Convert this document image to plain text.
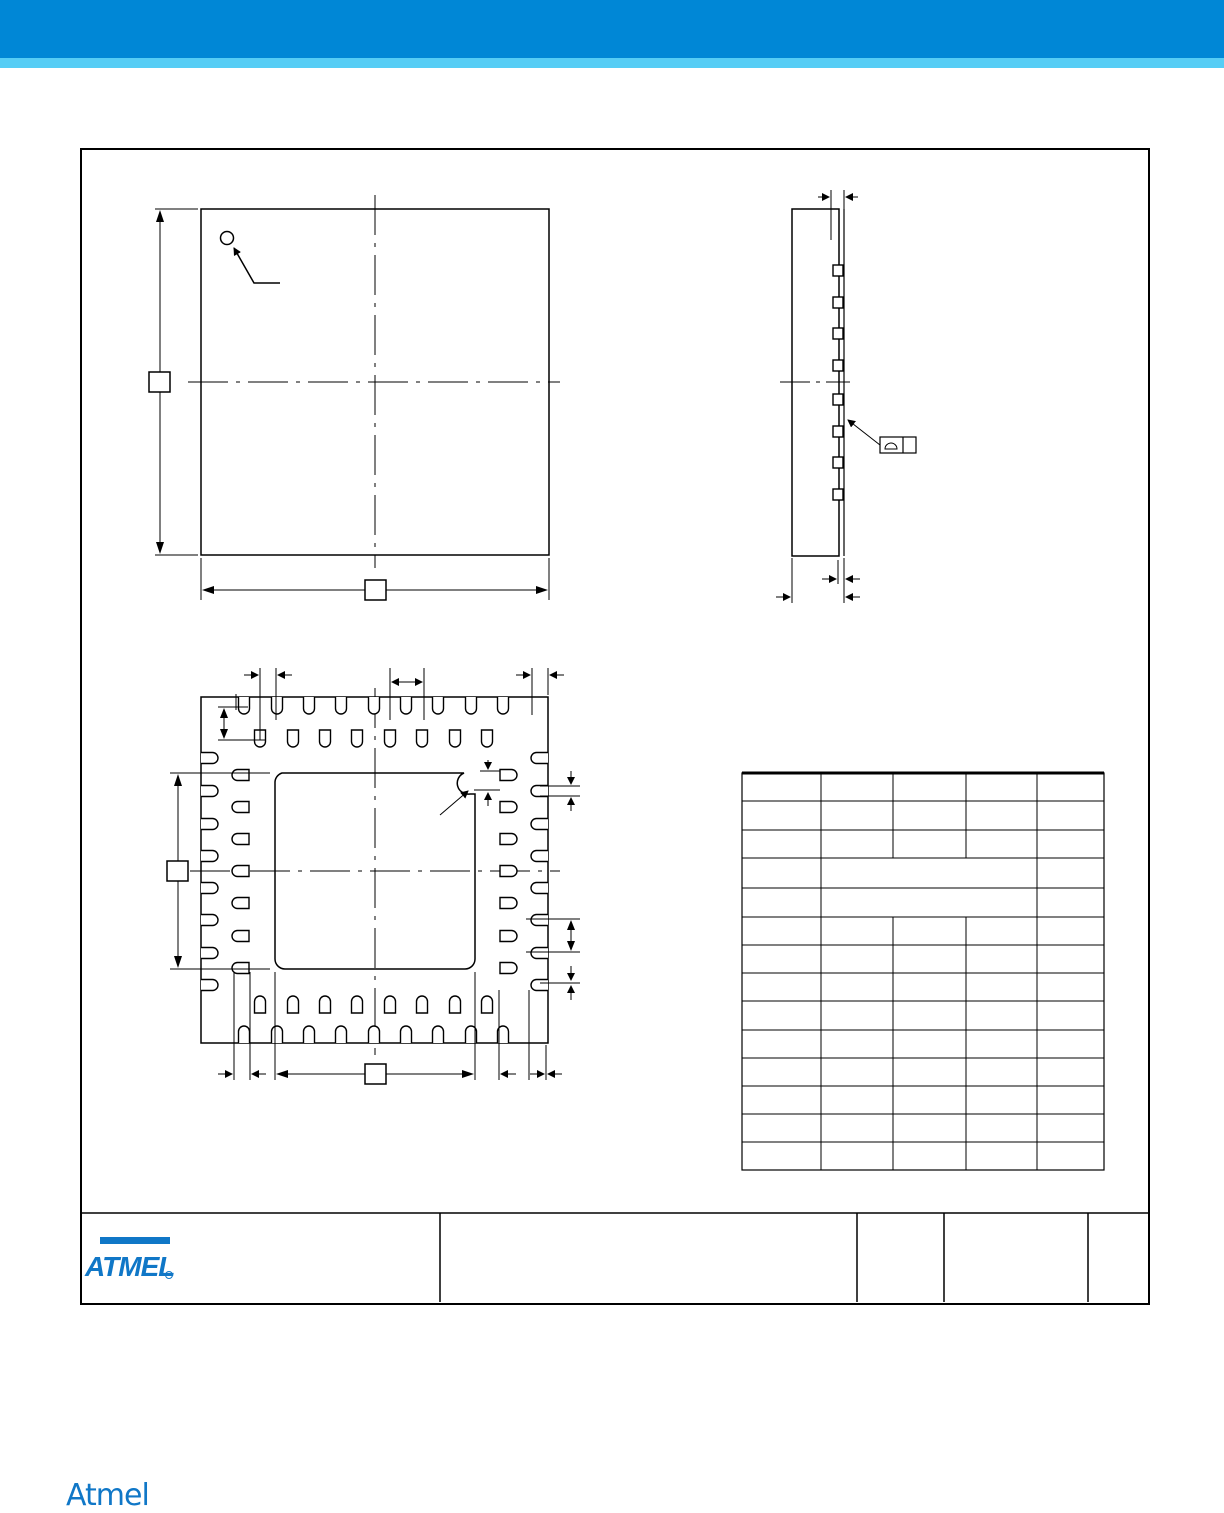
ATMEL
Atmel
